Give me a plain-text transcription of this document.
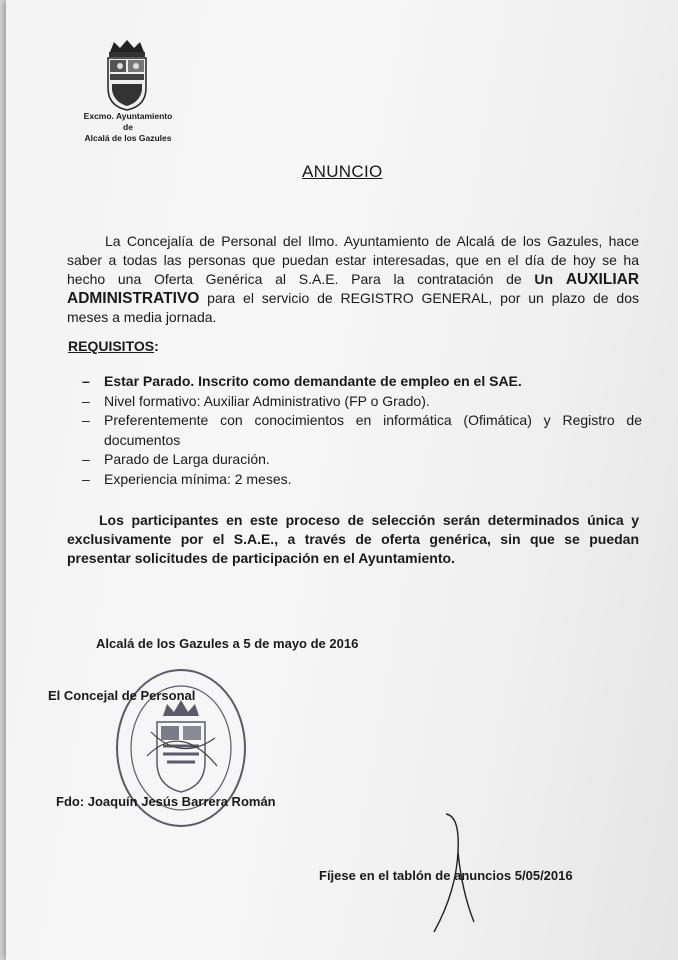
Excmo. Ayuntamiento
de
Alcalá de los Gazules
ANUNCIO
La Concejalía de Personal del Ilmo. Ayuntamiento de Alcalá de los Gazules, hace saber a todas las personas que puedan estar interesadas, que en el día de hoy se ha hecho una Oferta Genérica al S.A.E. Para la contratación de Un AUXILIAR ADMINISTRATIVO para el servicio de REGISTRO GENERAL, por un plazo de dos meses a media jornada.
REQUISITOS:
– Estar Parado. Inscrito como demandante de empleo en el SAE.
– Nivel formativo: Auxiliar Administrativo (FP o Grado).
– Preferentemente con conocimientos en informática (Ofimática) y Registro de documentos
– Parado de Larga duración.
– Experiencia mínima: 2 meses.
Los participantes en este proceso de selección serán determinados única y exclusivamente por el S.A.E., a través de oferta genérica, sin que se puedan presentar solicitudes de participación en el Ayuntamiento.
Alcalá de los Gazules a 5 de mayo de 2016
El Concejal de Personal
Fdo: Joaquín Jesús Barrera Román
Fíjese en el tablón de anuncios 5/05/2016
